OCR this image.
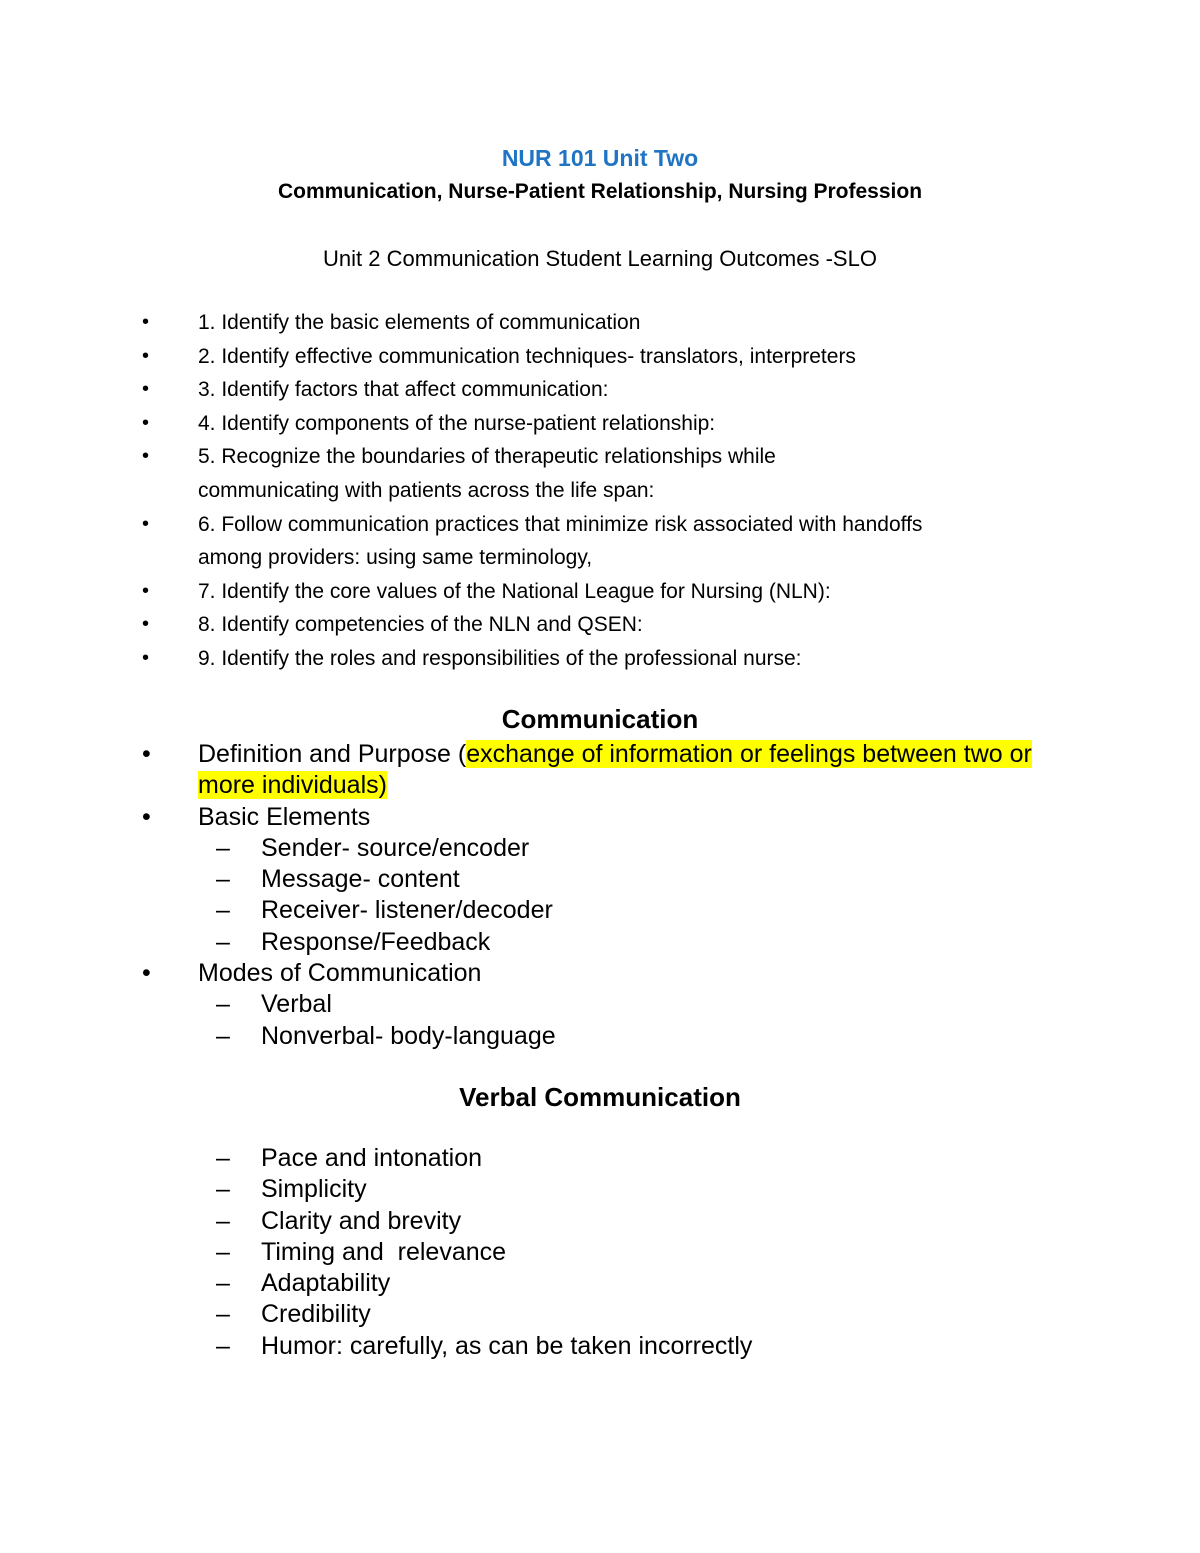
NUR 101 Unit Two
Communication, Nurse-Patient Relationship, Nursing Profession
Unit 2 Communication Student Learning Outcomes -SLO
• 1. Identify the basic elements of communication
• 2. Identify effective communication techniques- translators, interpreters
• 3. Identify factors that affect communication:
• 4. Identify components of the nurse-patient relationship:
• 5. Recognize the boundaries of therapeutic relationships while communicating with patients across the life span:
• 6. Follow communication practices that minimize risk associated with handoffs among providers: using same terminology,
• 7. Identify the core values of the National League for Nursing (NLN):
• 8. Identify competencies of the NLN and QSEN:
• 9. Identify the roles and responsibilities of the professional nurse:
Communication
• Definition and Purpose (exchange of information or feelings between two or more individuals)
• Basic Elements
– Sender- source/encoder
– Message- content
– Receiver- listener/decoder
– Response/Feedback
• Modes of Communication
– Verbal
– Nonverbal- body-language
Verbal Communication
– Pace and intonation
– Simplicity
– Clarity and brevity
– Timing and  relevance
– Adaptability
– Credibility
– Humor: carefully, as can be taken incorrectly
